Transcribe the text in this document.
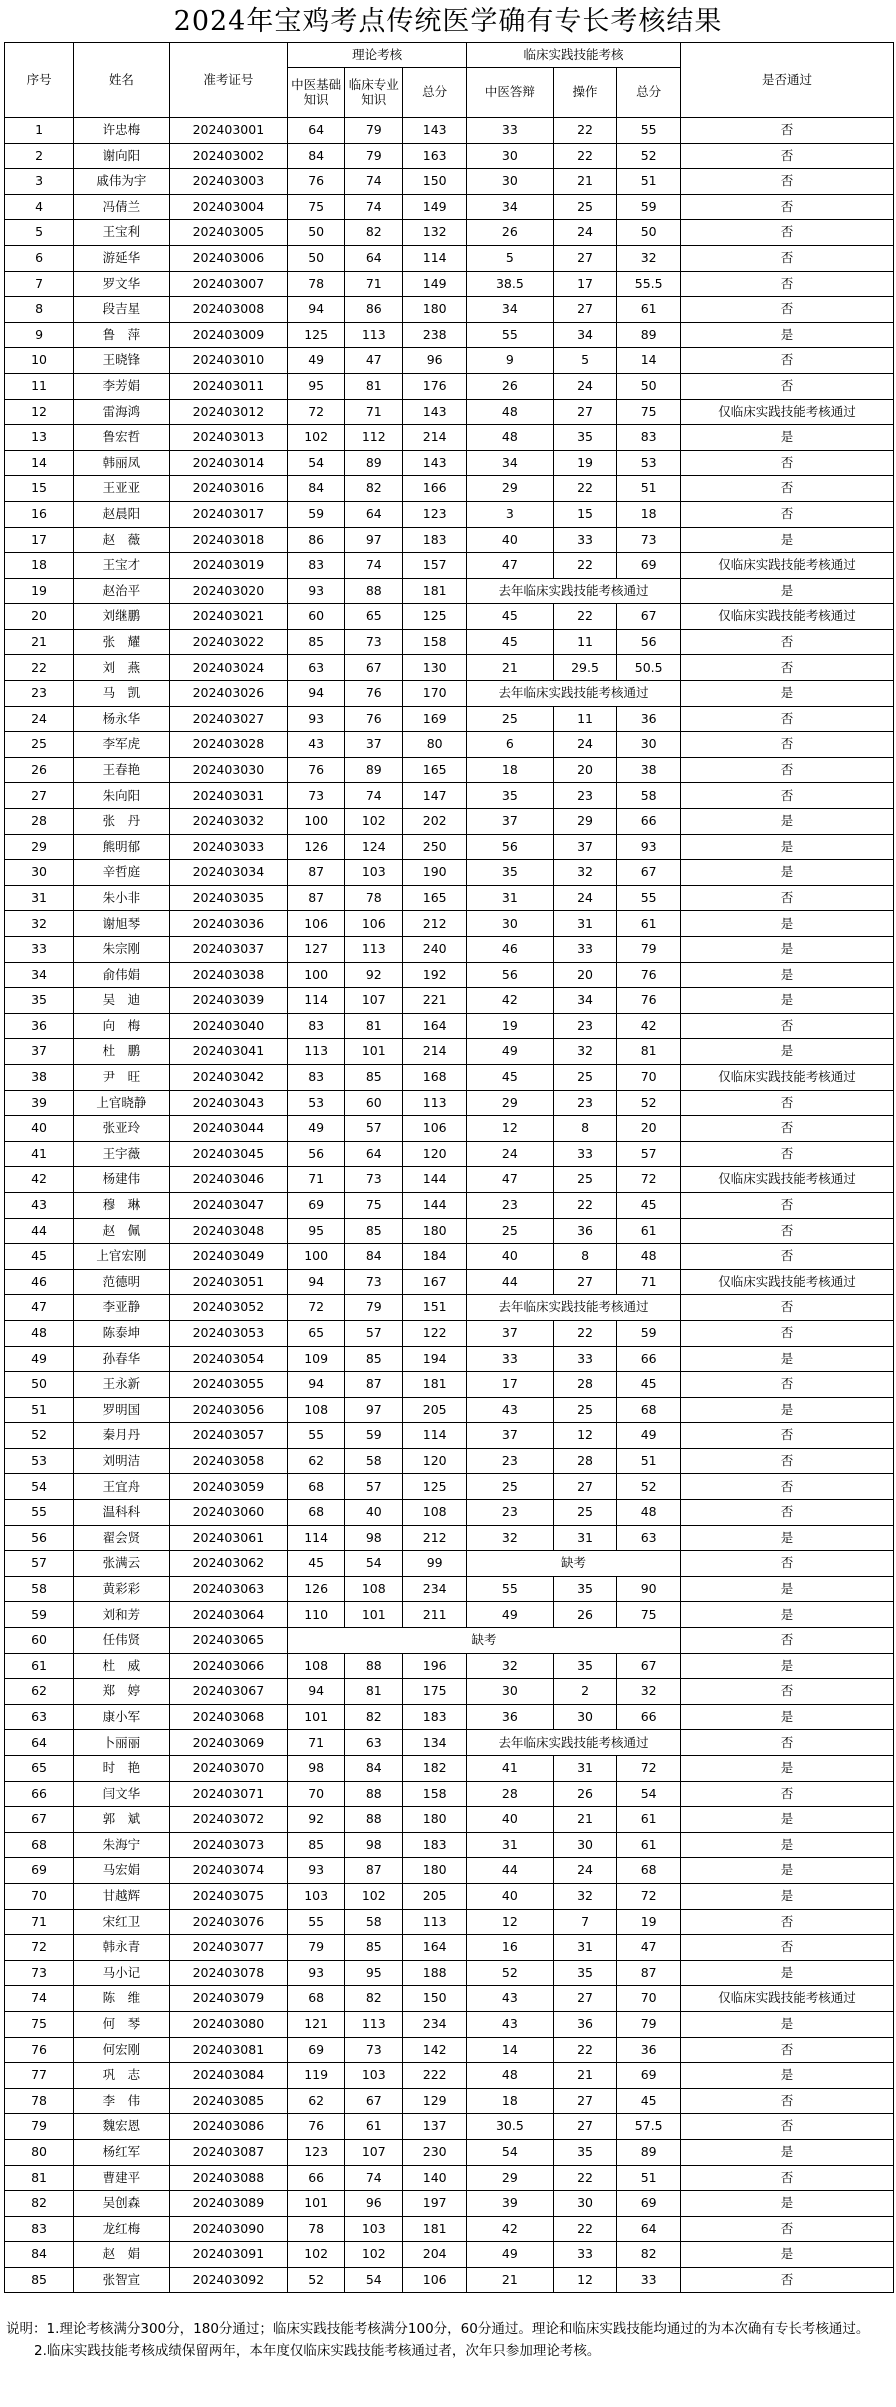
2024年宝鸡考点传统医学确有专长考核结果
序号	姓名	准考证号	理论考核			临床实践技能考核			是否通过
			中医基础知识	临床专业知识	总分	中医答辩	操作	总分	
1	许忠梅	202403001	64	79	143	33	22	55	否
2	谢向阳	202403002	84	79	163	30	22	52	否
3	戚伟为宇	202403003	76	74	150	30	21	51	否
4	冯倩兰	202403004	75	74	149	34	25	59	否
5	王宝利	202403005	50	82	132	26	24	50	否
6	游延华	202403006	50	64	114	5	27	32	否
7	罗文华	202403007	78	71	149	38.5	17	55.5	否
8	段吉星	202403008	94	86	180	34	27	61	否
9	鲁　萍	202403009	125	113	238	55	34	89	是
10	王晓锋	202403010	49	47	96	9	5	14	否
11	李芳娟	202403011	95	81	176	26	24	50	否
12	雷海鸿	202403012	72	71	143	48	27	75	仅临床实践技能考核通过
13	鲁宏哲	202403013	102	112	214	48	35	83	是
14	韩丽凤	202403014	54	89	143	34	19	53	否
15	王亚亚	202403016	84	82	166	29	22	51	否
16	赵晨阳	202403017	59	64	123	3	15	18	否
17	赵　薇	202403018	86	97	183	40	33	73	是
18	王宝才	202403019	83	74	157	47	22	69	仅临床实践技能考核通过
19	赵治平	202403020	93	88	181	去年临床实践技能考核通过			是
20	刘继鹏	202403021	60	65	125	45	22	67	仅临床实践技能考核通过
21	张　耀	202403022	85	73	158	45	11	56	否
22	刘　燕	202403024	63	67	130	21	29.5	50.5	否
23	马　凯	202403026	94	76	170	去年临床实践技能考核通过			是
24	杨永华	202403027	93	76	169	25	11	36	否
25	李军虎	202403028	43	37	80	6	24	30	否
26	王春艳	202403030	76	89	165	18	20	38	否
27	朱向阳	202403031	73	74	147	35	23	58	否
28	张　丹	202403032	100	102	202	37	29	66	是
29	熊明郁	202403033	126	124	250	56	37	93	是
30	辛哲庭	202403034	87	103	190	35	32	67	是
31	朱小非	202403035	87	78	165	31	24	55	否
32	谢旭琴	202403036	106	106	212	30	31	61	是
33	朱宗刚	202403037	127	113	240	46	33	79	是
34	俞伟娟	202403038	100	92	192	56	20	76	是
35	吴　迪	202403039	114	107	221	42	34	76	是
36	向　梅	202403040	83	81	164	19	23	42	否
37	杜　鹏	202403041	113	101	214	49	32	81	是
38	尹　旺	202403042	83	85	168	45	25	70	仅临床实践技能考核通过
39	上官晓静	202403043	53	60	113	29	23	52	否
40	张亚玲	202403044	49	57	106	12	8	20	否
41	王宇薇	202403045	56	64	120	24	33	57	否
42	杨建伟	202403046	71	73	144	47	25	72	仅临床实践技能考核通过
43	穆　琳	202403047	69	75	144	23	22	45	否
44	赵　佩	202403048	95	85	180	25	36	61	否
45	上官宏刚	202403049	100	84	184	40	8	48	否
46	范德明	202403051	94	73	167	44	27	71	仅临床实践技能考核通过
47	李亚静	202403052	72	79	151	去年临床实践技能考核通过			否
48	陈泰坤	202403053	65	57	122	37	22	59	否
49	孙春华	202403054	109	85	194	33	33	66	是
50	王永新	202403055	94	87	181	17	28	45	否
51	罗明国	202403056	108	97	205	43	25	68	是
52	秦月丹	202403057	55	59	114	37	12	49	否
53	刘明洁	202403058	62	58	120	23	28	51	否
54	王宜舟	202403059	68	57	125	25	27	52	否
55	温科科	202403060	68	40	108	23	25	48	否
56	翟会贤	202403061	114	98	212	32	31	63	是
57	张满云	202403062	45	54	99	缺考			否
58	黄彩彩	202403063	126	108	234	55	35	90	是
59	刘和芳	202403064	110	101	211	49	26	75	是
60	任伟贤	202403065	缺考						否
61	杜　威	202403066	108	88	196	32	35	67	是
62	郑　婷	202403067	94	81	175	30	2	32	否
63	康小军	202403068	101	82	183	36	30	66	是
64	卜丽丽	202403069	71	63	134	去年临床实践技能考核通过			否
65	时　艳	202403070	98	84	182	41	31	72	是
66	闫文华	202403071	70	88	158	28	26	54	否
67	郭　斌	202403072	92	88	180	40	21	61	是
68	朱海宁	202403073	85	98	183	31	30	61	是
69	马宏娟	202403074	93	87	180	44	24	68	是
70	甘越辉	202403075	103	102	205	40	32	72	是
71	宋红卫	202403076	55	58	113	12	7	19	否
72	韩永青	202403077	79	85	164	16	31	47	否
73	马小记	202403078	93	95	188	52	35	87	是
74	陈　维	202403079	68	82	150	43	27	70	仅临床实践技能考核通过
75	何　琴	202403080	121	113	234	43	36	79	是
76	何宏刚	202403081	69	73	142	14	22	36	否
77	巩　志	202403084	119	103	222	48	21	69	是
78	李　伟	202403085	62	67	129	18	27	45	否
79	魏宏恩	202403086	76	61	137	30.5	27	57.5	否
80	杨红军	202403087	123	107	230	54	35	89	是
81	曹建平	202403088	66	74	140	29	22	51	否
82	吴创森	202403089	101	96	197	39	30	69	是
83	龙红梅	202403090	78	103	181	42	22	64	否
84	赵　娟	202403091	102	102	204	49	33	82	是
85	张智宣	202403092	52	54	106	21	12	33	否
说明：1.理论考核满分300分，180分通过；临床实践技能考核满分100分，60分通过。理论和临床实践技能均通过的为本次确有专长考核通过。
2.临床实践技能考核成绩保留两年，本年度仅临床实践技能考核通过者，次年只参加理论考核。
